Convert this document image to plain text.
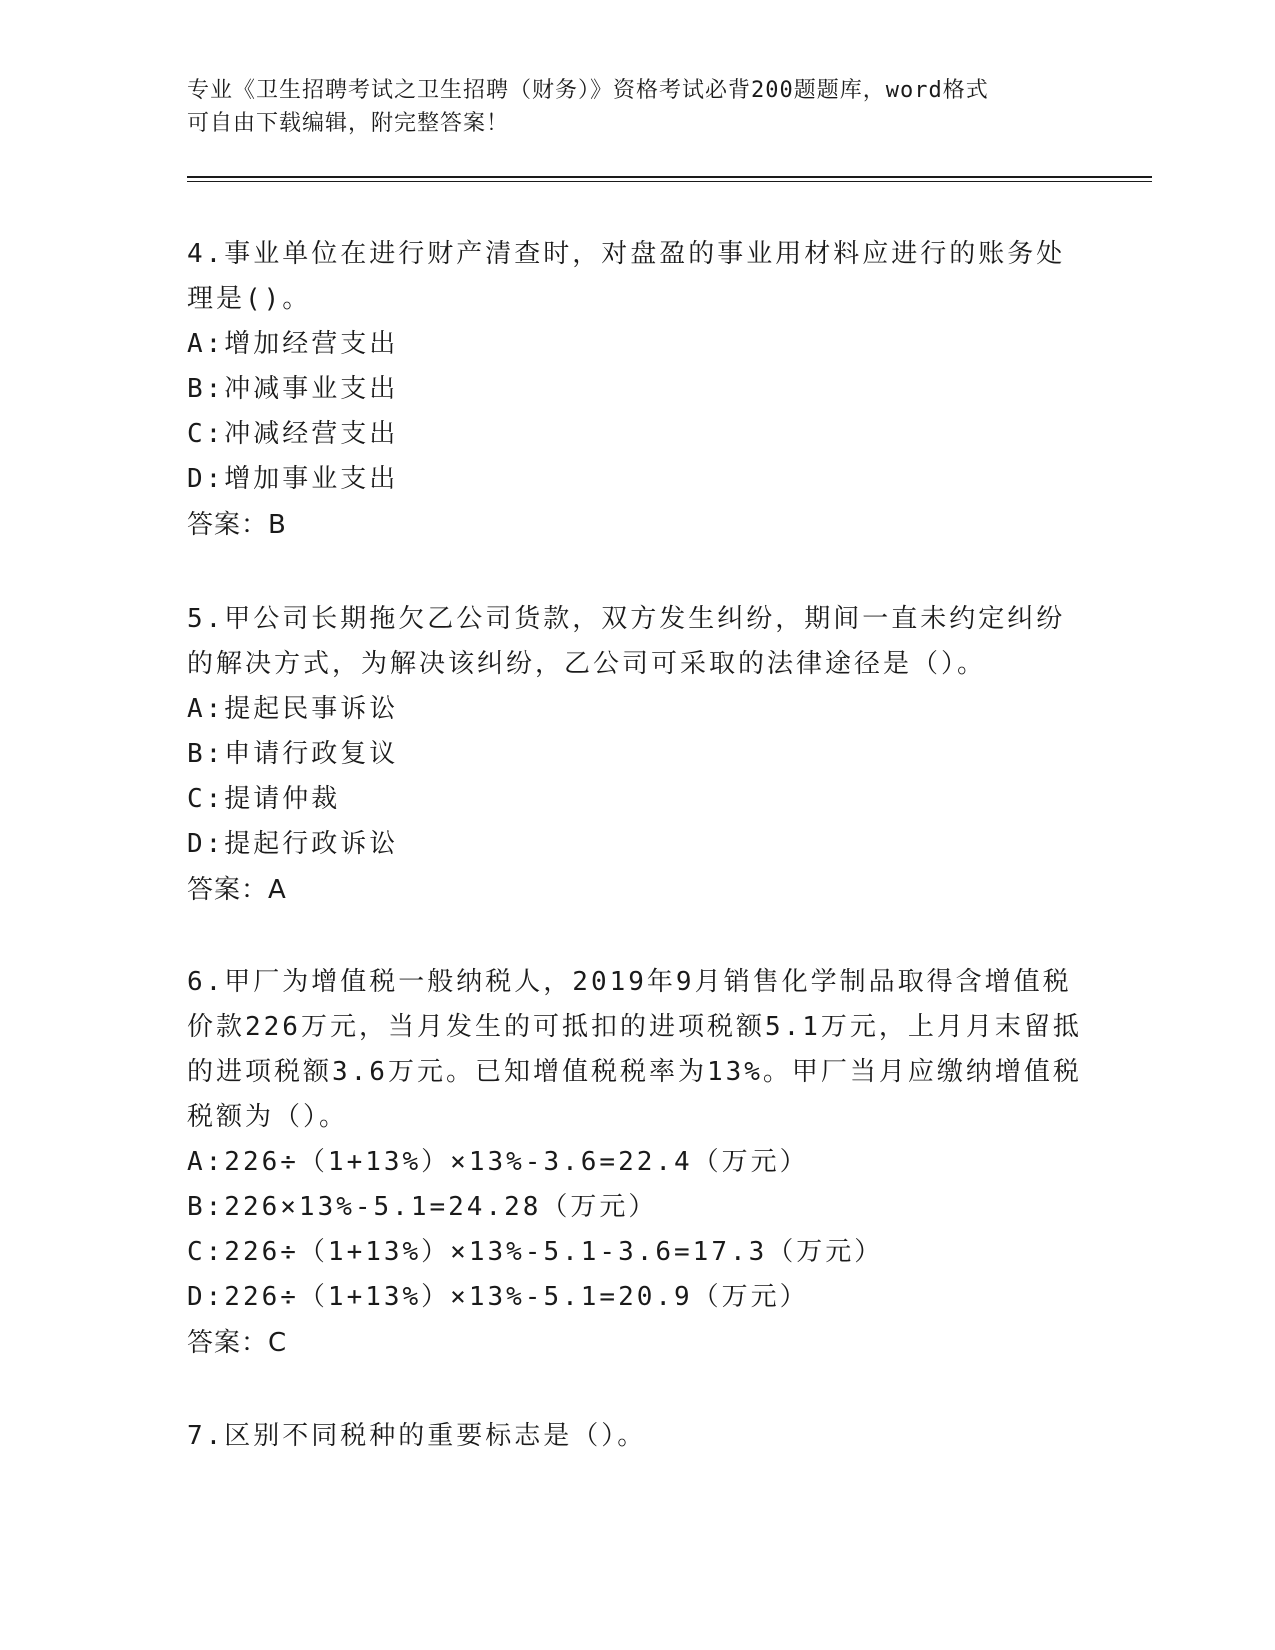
专业《卫生招聘考试之卫生招聘（财务）》资格考试必背200题题库，word格式
可自由下载编辑，附完整答案！
4.事业单位在进行财产清查时，对盘盈的事业用材料应进行的账务处理是()。
A:增加经营支出
B:冲减事业支出
C:冲减经营支出
D:增加事业支出
答案：B
5.甲公司长期拖欠乙公司货款，双方发生纠纷，期间一直未约定纠纷的解决方式，为解决该纠纷，乙公司可采取的法律途径是（）。
A:提起民事诉讼
B:申请行政复议
C:提请仲裁
D:提起行政诉讼
答案：A
6.甲厂为增值税一般纳税人，2019年9月销售化学制品取得含增值税价款226万元，当月发生的可抵扣的进项税额5.1万元，上月月末留抵的进项税额3.6万元。已知增值税税率为13%。甲厂当月应缴纳增值税税额为（）。
A:226÷（1+13%）×13%-3.6=22.4（万元）
B:226×13%-5.1=24.28（万元）
C:226÷（1+13%）×13%-5.1-3.6=17.3（万元）
D:226÷（1+13%）×13%-5.1=20.9（万元）
答案：C
7.区别不同税种的重要标志是（）。
